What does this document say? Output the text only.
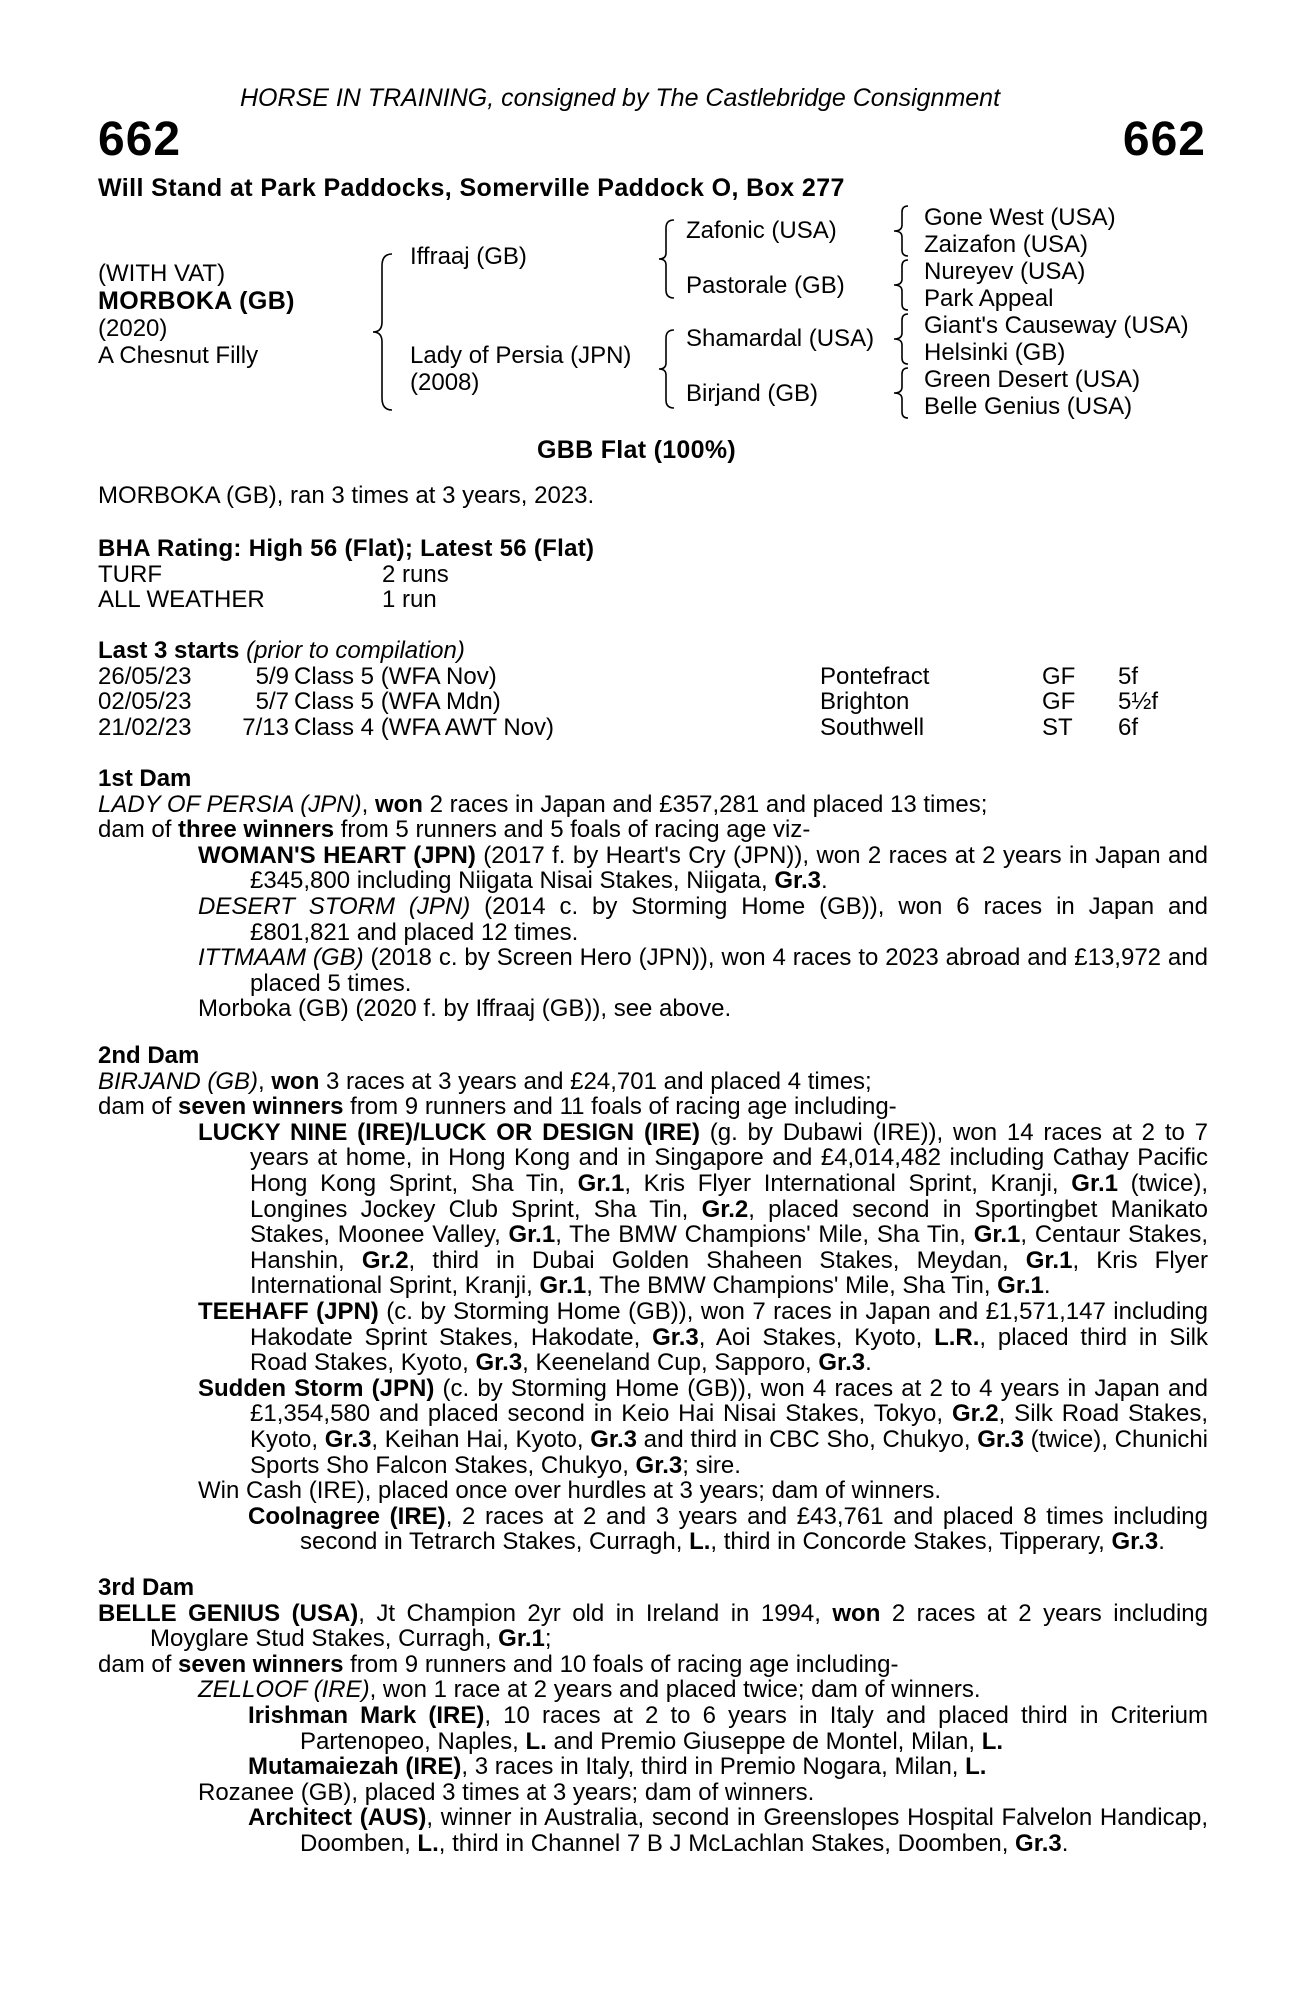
HORSE IN TRAINING, consigned by The Castlebridge Consignment
662	662
Will Stand at Park Paddocks, Somerville Paddock O, Box 277
(WITH VAT)
MORBOKA (GB)
(2020)
A Chesnut Filly
Iffraaj (GB)
Lady of Persia (JPN)
(2008)
Zafonic (USA)
Pastorale (GB)
Shamardal (USA)
Birjand (GB)
Gone West (USA)
Zaizafon (USA)
Nureyev (USA)
Park Appeal
Giant's Causeway (USA)
Helsinki (GB)
Green Desert (USA)
Belle Genius (USA)
GBB Flat (100%)
MORBOKA (GB), ran 3 times at 3 years, 2023.

BHA Rating: High 56 (Flat); Latest 56 (Flat)

TURF	2 runs
ALL WEATHER	1 run

Last 3 starts (prior to compilation)

26/05/23	5/9 Class 5 (WFA Nov)	Pontefract	GF 5f
02/05/23	5/7 Class 5 (WFA Mdn)	Brighton	GF 5½f
21/02/23	7/13 Class 4 (WFA AWT Nov)	Southwell	ST 6f

1st Dam

LADY OF PERSIA (JPN), won 2 races in Japan and £357,281 and placed 13 times;

dam of three winners from 5 runners and 5 foals of racing age viz-

WOMAN'S HEART (JPN) (2017 f. by Heart's Cry (JPN)), won 2 races at 2 years in Japan and £345,800 including Niigata Nisai Stakes, Niigata, Gr.3.

DESERT STORM (JPN) (2014 c. by Storming Home (GB)), won 6 races in Japan and £801,821 and placed 12 times.

ITTMAAM (GB) (2018 c. by Screen Hero (JPN)), won 4 races to 2023 abroad and £13,972 and placed 5 times.

Morboka (GB) (2020 f. by Iffraaj (GB)), see above.

2nd Dam

BIRJAND (GB), won 3 races at 3 years and £24,701 and placed 4 times;

dam of seven winners from 9 runners and 11 foals of racing age including-

LUCKY NINE (IRE)/LUCK OR DESIGN (IRE) (g. by Dubawi (IRE)), won 14 races at 2 to 7 years at home, in Hong Kong and in Singapore and £4,014,482 including Cathay Pacific Hong Kong Sprint, Sha Tin, Gr.1, Kris Flyer International Sprint, Kranji, Gr.1 (twice), Longines Jockey Club Sprint, Sha Tin, Gr.2, placed second in Sportingbet Manikato Stakes, Moonee Valley, Gr.1, The BMW Champions' Mile, Sha Tin, Gr.1, Centaur Stakes, Hanshin, Gr.2, third in Dubai Golden Shaheen Stakes, Meydan, Gr.1, Kris Flyer International Sprint, Kranji, Gr.1, The BMW Champions' Mile, Sha Tin, Gr.1.

TEEHAFF (JPN) (c. by Storming Home (GB)), won 7 races in Japan and £1,571,147 including Hakodate Sprint Stakes, Hakodate, Gr.3, Aoi Stakes, Kyoto, L.R., placed third in Silk Road Stakes, Kyoto, Gr.3, Keeneland Cup, Sapporo, Gr.3.

Sudden Storm (JPN) (c. by Storming Home (GB)), won 4 races at 2 to 4 years in Japan and £1,354,580 and placed second in Keio Hai Nisai Stakes, Tokyo, Gr.2, Silk Road Stakes, Kyoto, Gr.3, Keihan Hai, Kyoto, Gr.3 and third in CBC Sho, Chukyo, Gr.3 (twice), Chunichi Sports Sho Falcon Stakes, Chukyo, Gr.3; sire.

Win Cash (IRE), placed once over hurdles at 3 years; dam of winners.

Coolnagree (IRE), 2 races at 2 and 3 years and £43,761 and placed 8 times including second in Tetrarch Stakes, Curragh, L., third in Concorde Stakes, Tipperary, Gr.3.

3rd Dam

BELLE GENIUS (USA), Jt Champion 2yr old in Ireland in 1994, won 2 races at 2 years including Moyglare Stud Stakes, Curragh, Gr.1;

dam of seven winners from 9 runners and 10 foals of racing age including-

ZELLOOF (IRE), won 1 race at 2 years and placed twice; dam of winners.

Irishman Mark (IRE), 10 races at 2 to 6 years in Italy and placed third in Criterium Partenopeo, Naples, L. and Premio Giuseppe de Montel, Milan, L.

Mutamaiezah (IRE), 3 races in Italy, third in Premio Nogara, Milan, L.

Rozanee (GB), placed 3 times at 3 years; dam of winners.

Architect (AUS), winner in Australia, second in Greenslopes Hospital Falvelon Handicap, Doomben, L., third in Channel 7 B J McLachlan Stakes, Doomben, Gr.3.
